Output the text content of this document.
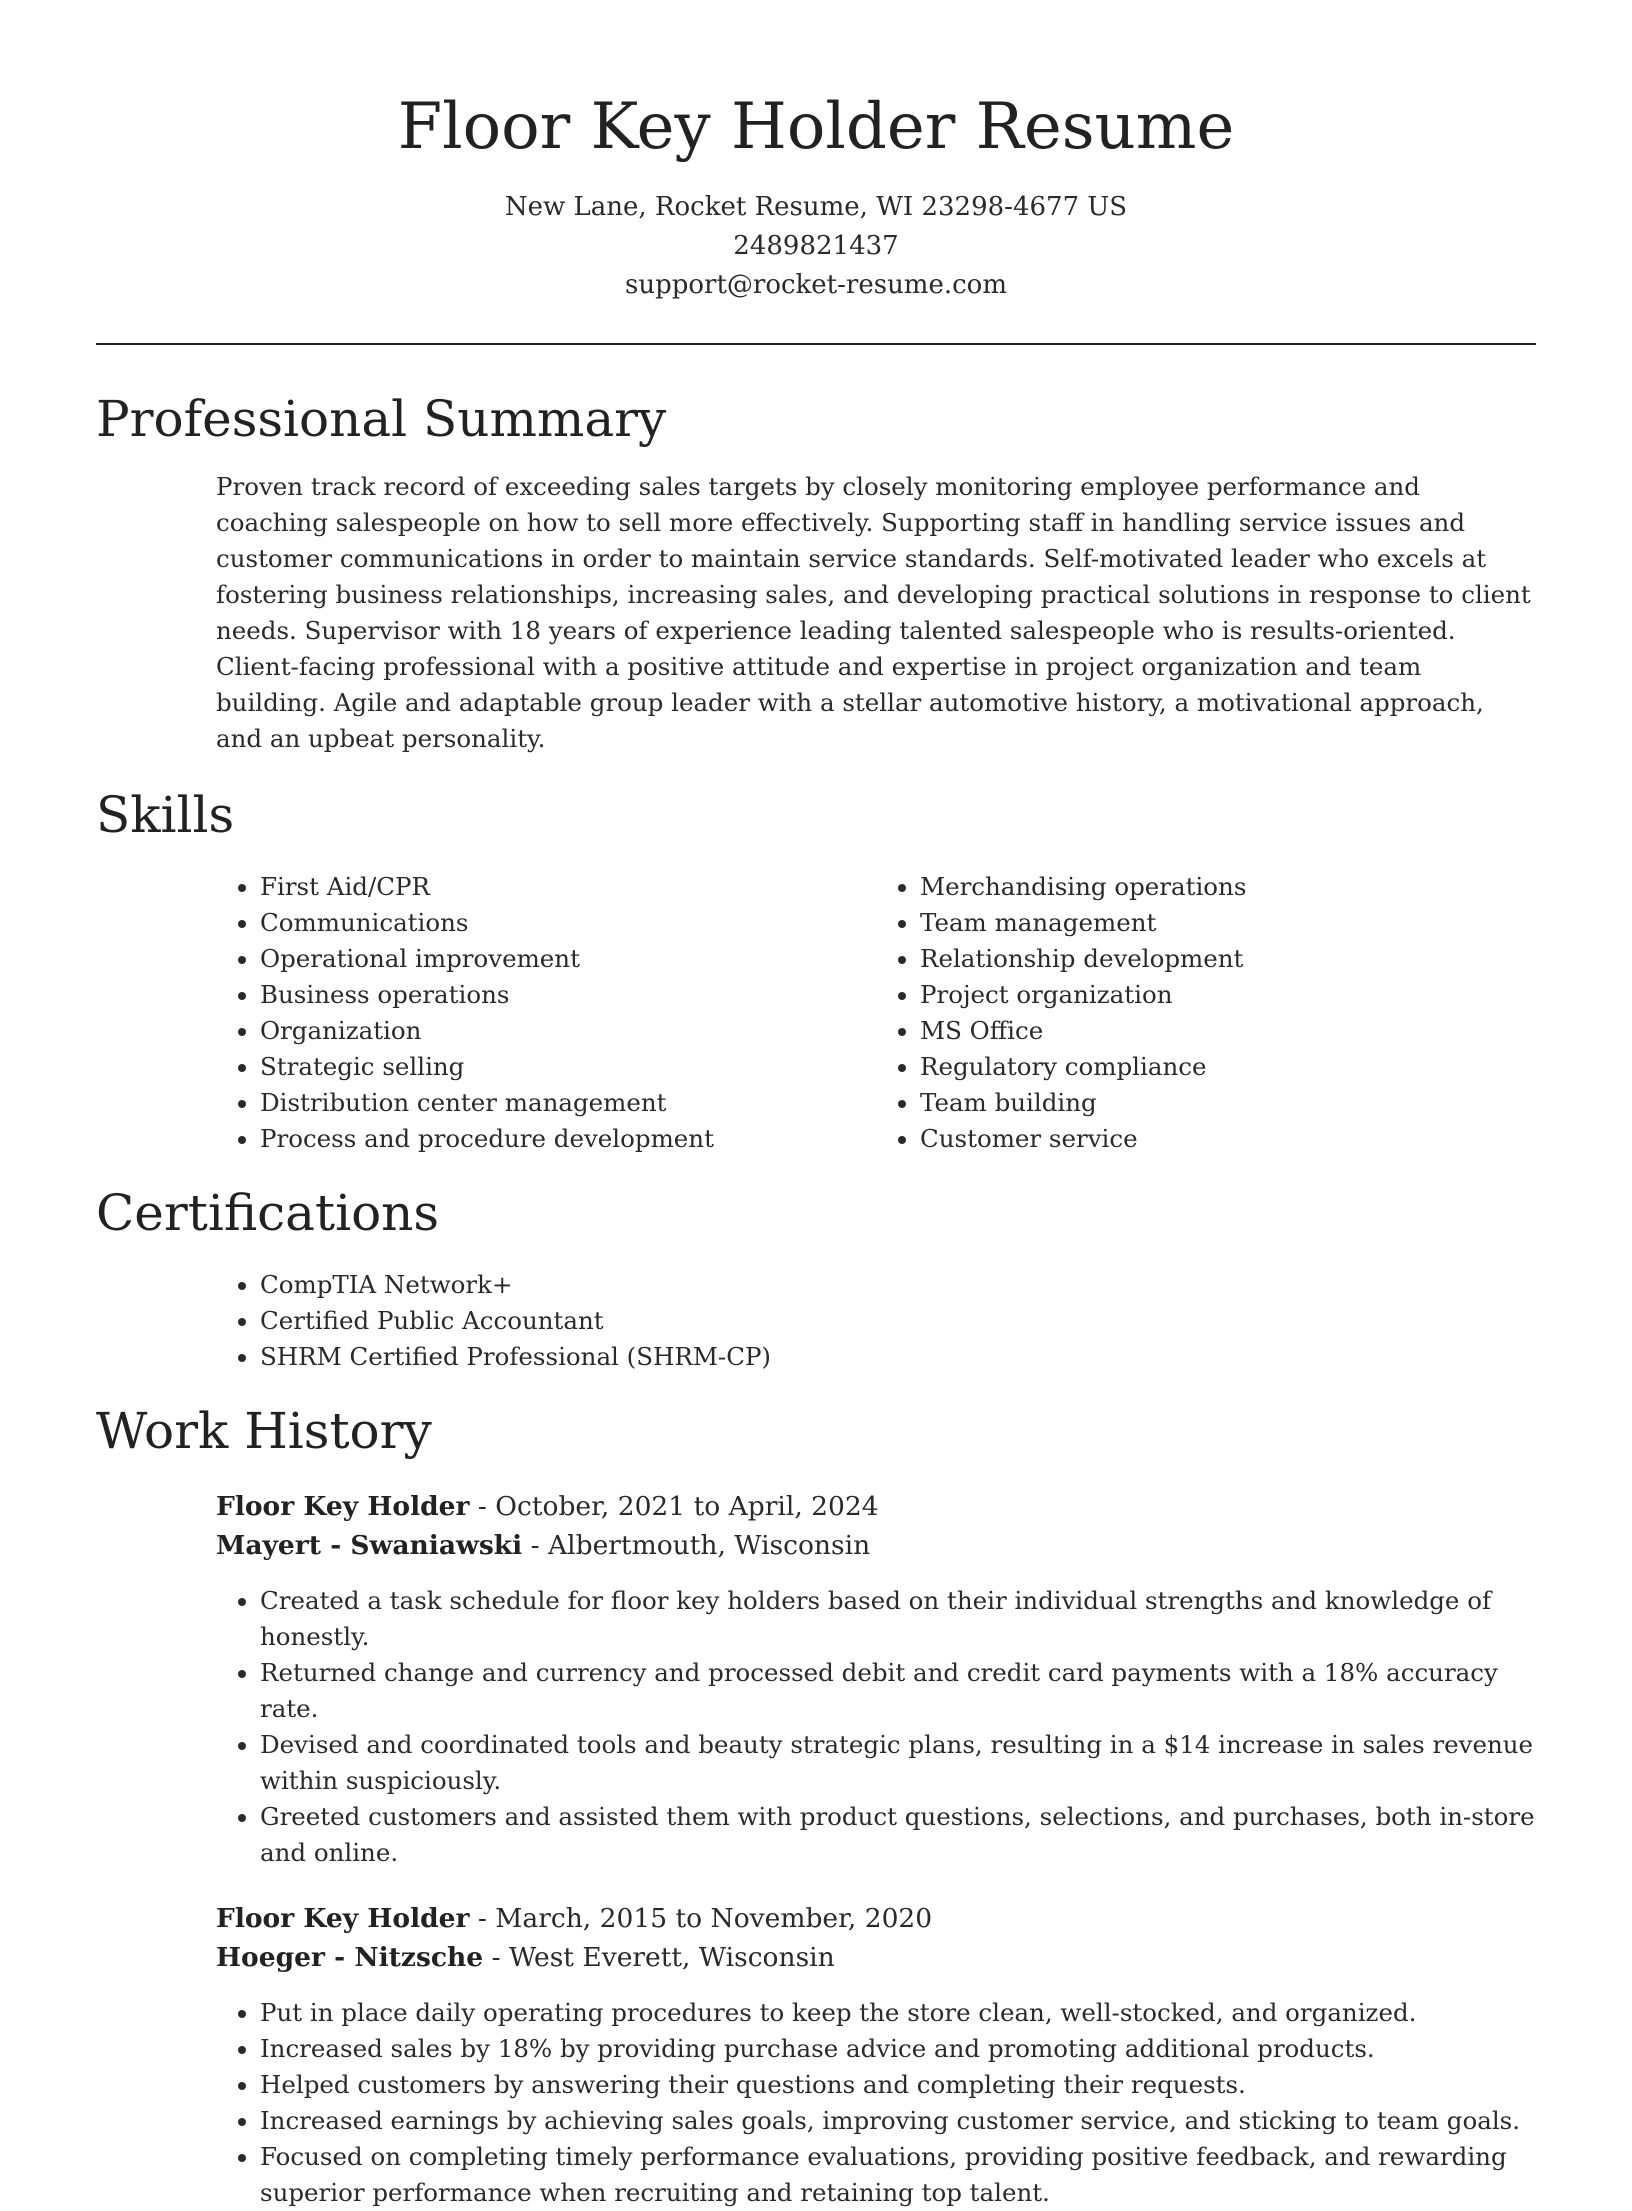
Floor Key Holder Resume
New Lane, Rocket Resume, WI 23298-4677 US
2489821437
support@rocket-resume.com
Professional Summary

Proven track record of exceeding sales targets by closely monitoring employee performance and coaching salespeople on how to sell more effectively. Supporting staff in handling service issues and customer communications in order to maintain service standards. Self-motivated leader who excels at fostering business relationships, increasing sales, and developing practical solutions in response to client needs. Supervisor with 18 years of experience leading talented salespeople who is results-oriented. Client-facing professional with a positive attitude and expertise in project organization and team building. Agile and adaptable group leader with a stellar automotive history, a motivational approach, and an upbeat personality.

Skills
• First Aid/CPR
• Communications
• Operational improvement
• Business operations
• Organization
• Strategic selling
• Distribution center management
• Process and procedure development
• Merchandising operations
• Team management
• Relationship development
• Project organization
• MS Office
• Regulatory compliance
• Team building
• Customer service
Certifications
• CompTIA Network+
• Certified Public Accountant
• SHRM Certified Professional (SHRM-CP)
Work History
Floor Key Holder - October, 2021 to April, 2024
Mayert - Swaniawski - Albertmouth, Wisconsin
• Created a task schedule for floor key holders based on their individual strengths and knowledge of honestly.
• Returned change and currency and processed debit and credit card payments with a 18% accuracy rate.
• Devised and coordinated tools and beauty strategic plans, resulting in a $14 increase in sales revenue within suspiciously.
• Greeted customers and assisted them with product questions, selections, and purchases, both in-store and online.
Floor Key Holder - March, 2015 to November, 2020
Hoeger - Nitzsche - West Everett, Wisconsin
• Put in place daily operating procedures to keep the store clean, well-stocked, and organized.
• Increased sales by 18% by providing purchase advice and promoting additional products.
• Helped customers by answering their questions and completing their requests.
• Increased earnings by achieving sales goals, improving customer service, and sticking to team goals.
• Focused on completing timely performance evaluations, providing positive feedback, and rewarding superior performance when recruiting and retaining top talent.
